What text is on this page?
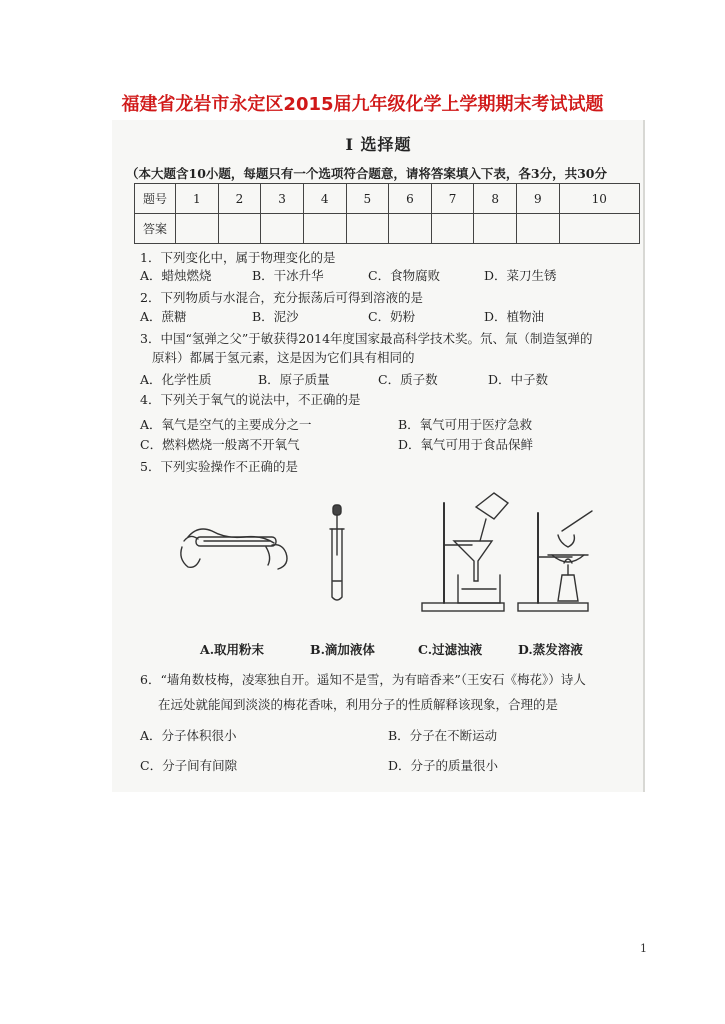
福建省龙岩市永定区2015届九年级化学上学期期末考试试题
Ⅰ 选择题
（本大题含10小题，每题只有一个选项符合题意，请将答案填入下表，各3分，共30分
题号	1	2	3	4	5	6	7	8	9	10
答案										
1．下列变化中，属于物理变化的是
A．蜡烛燃烧	B．干冰升华	C．食物腐败	D．菜刀生锈
2．下列物质与水混合，充分振荡后可得到溶液的是
A．蔗糖	B．泥沙	C．奶粉	D．植物油
3．中国“氢弹之父”于敏获得2014年度国家最高科学技术奖。氘、氚（制造氢弹的
原料）都属于氢元素，这是因为它们具有相同的
A．化学性质	B．原子质量	C．质子数	D．中子数
4．下列关于氧气的说法中，不正确的是
A．氧气是空气的主要成分之一	B．氧气可用于医疗急救
C．燃料燃烧一般离不开氧气	D．氧气可用于食品保鲜
5．下列实验操作不正确的是
A.取用粉末	B.滴加液体	C.过滤浊液	D.蒸发溶液
6．“墙角数枝梅，凌寒独自开。遥知不是雪，为有暗香来”（王安石《梅花》）诗人
在远处就能闻到淡淡的梅花香味，利用分子的性质解释该现象，合理的是
A．分子体积很小	B．分子在不断运动
C．分子间有间隙	D．分子的质量很小
1
